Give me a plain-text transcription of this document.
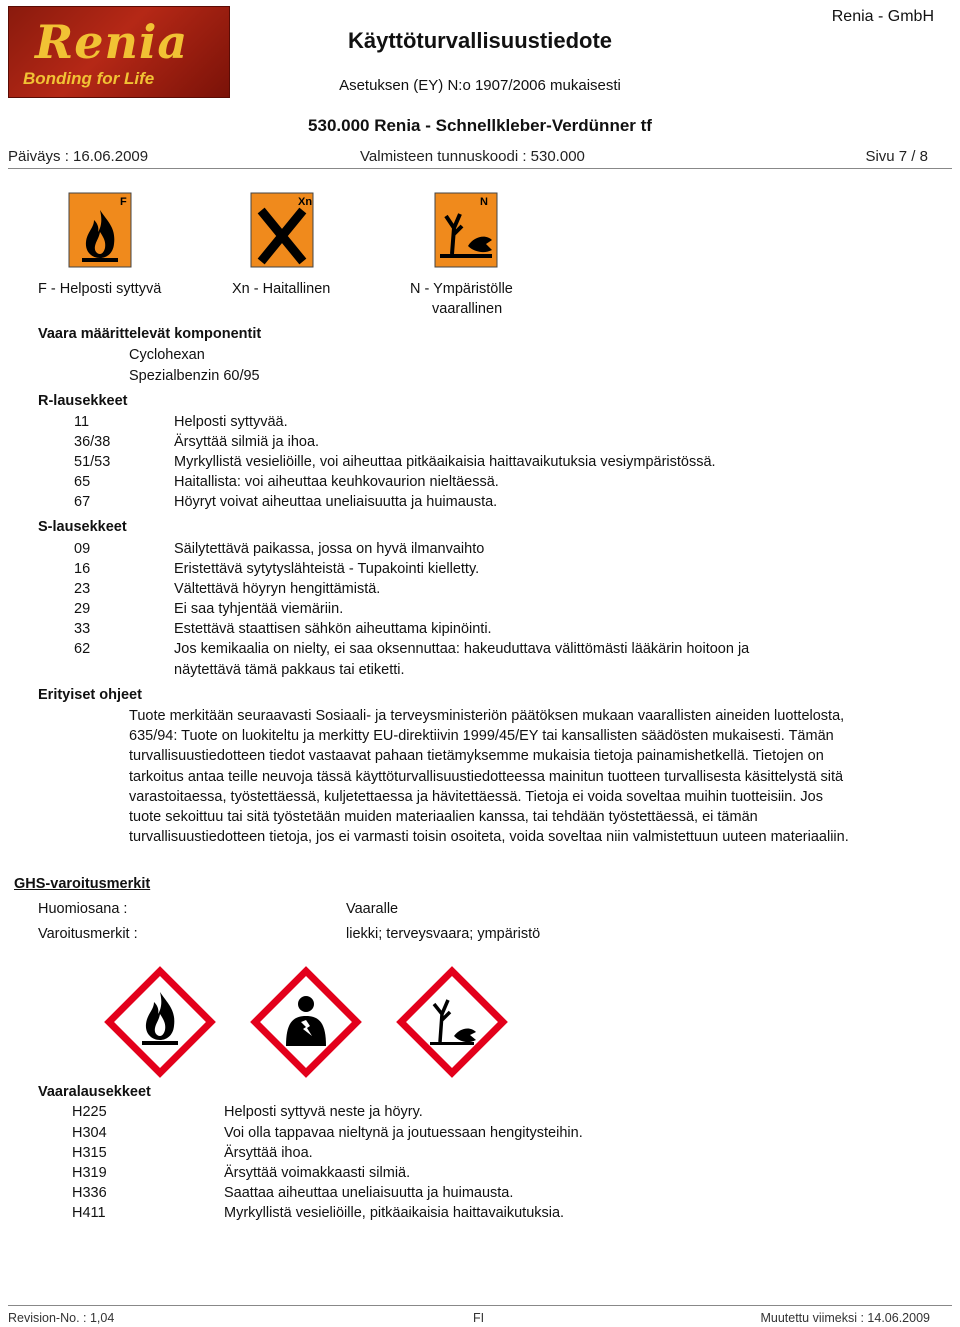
Renia
Bonding for Life
Renia - GmbH
Käyttöturvallisuustiedote
Asetuksen (EY) N:o 1907/2006 mukaisesti
530.000 Renia - Schnellkleber-Verdünner tf
Päiväys : 16.06.2009	Valmisteen tunnuskoodi : 530.000	Sivu 7 / 8
F	Xn	N
F - Helposti syttyvä	Xn - Haitallinen	N - Ympäristölle
vaarallinen
Vaara määrittelevät komponentit
Cyclohexan
Spezialbenzin 60/95
R-lausekkeet
11	Helposti syttyvää.
36/38	Ärsyttää silmiä ja ihoa.
51/53	Myrkyllistä vesieliöille, voi aiheuttaa pitkäaikaisia haittavaikutuksia vesiympäristössä.
65	Haitallista: voi aiheuttaa keuhkovaurion nieltäessä.
67	Höyryt voivat aiheuttaa uneliaisuutta ja huimausta.
S-lausekkeet
09	Säilytettävä paikassa, jossa on hyvä ilmanvaihto
16	Eristettävä sytytyslähteistä - Tupakointi kielletty.
23	Vältettävä höyryn hengittämistä.
29	Ei saa tyhjentää viemäriin.
33	Estettävä staattisen sähkön aiheuttama kipinöinti.
62	Jos kemikaalia on nielty, ei saa oksennuttaa: hakeuduttava välittömästi lääkärin hoitoon ja
näytettävä tämä pakkaus tai etiketti.
Erityiset ohjeet
Tuote merkitään seuraavasti Sosiaali- ja terveysministeriön päätöksen mukaan vaarallisten aineiden luottelosta, 635/94: Tuote on luokiteltu ja merkitty EU-direktiivin 1999/45/EY tai kansallisten säädösten mukaisesti. Tämän turvallisuustiedotteen tiedot vastaavat pahaan tietämyksemme mukaisia tietoja painamishetkellä. Tietojen on tarkoitus antaa teille neuvoja tässä käyttöturvallisuustiedotteessa mainitun tuotteen turvallisesta käsittelystä sitä varastoitaessa, työstettäessä, kuljetettaessa ja hävitettäessä. Tietoja ei voida soveltaa muihin tuotteisiin. Jos tuote sekoittuu tai sitä työstetään muiden materiaalien kanssa, tai tehdään työstettäessä, ei tämän turvallisuustiedotteen tietoja, jos ei varmasti toisin osoiteta, voida soveltaa niin valmistettuun uuteen materiaaliin.
GHS-varoitusmerkit
Huomiosana :	Vaaralle
Varoitusmerkit :	liekki; terveysvaara; ympäristö
Vaaralausekkeet
H225	Helposti syttyvä neste ja höyry.
H304	Voi olla tappavaa nieltynä ja joutuessaan hengitysteihin.
H315	Ärsyttää ihoa.
H319	Ärsyttää voimakkaasti silmiä.
H336	Saattaa aiheuttaa uneliaisuutta ja huimausta.
H411	Myrkyllistä vesieliöille, pitkäaikaisia haittavaikutuksia.
Revision-No. : 1,04	FI	Muutettu viimeksi : 14.06.2009
